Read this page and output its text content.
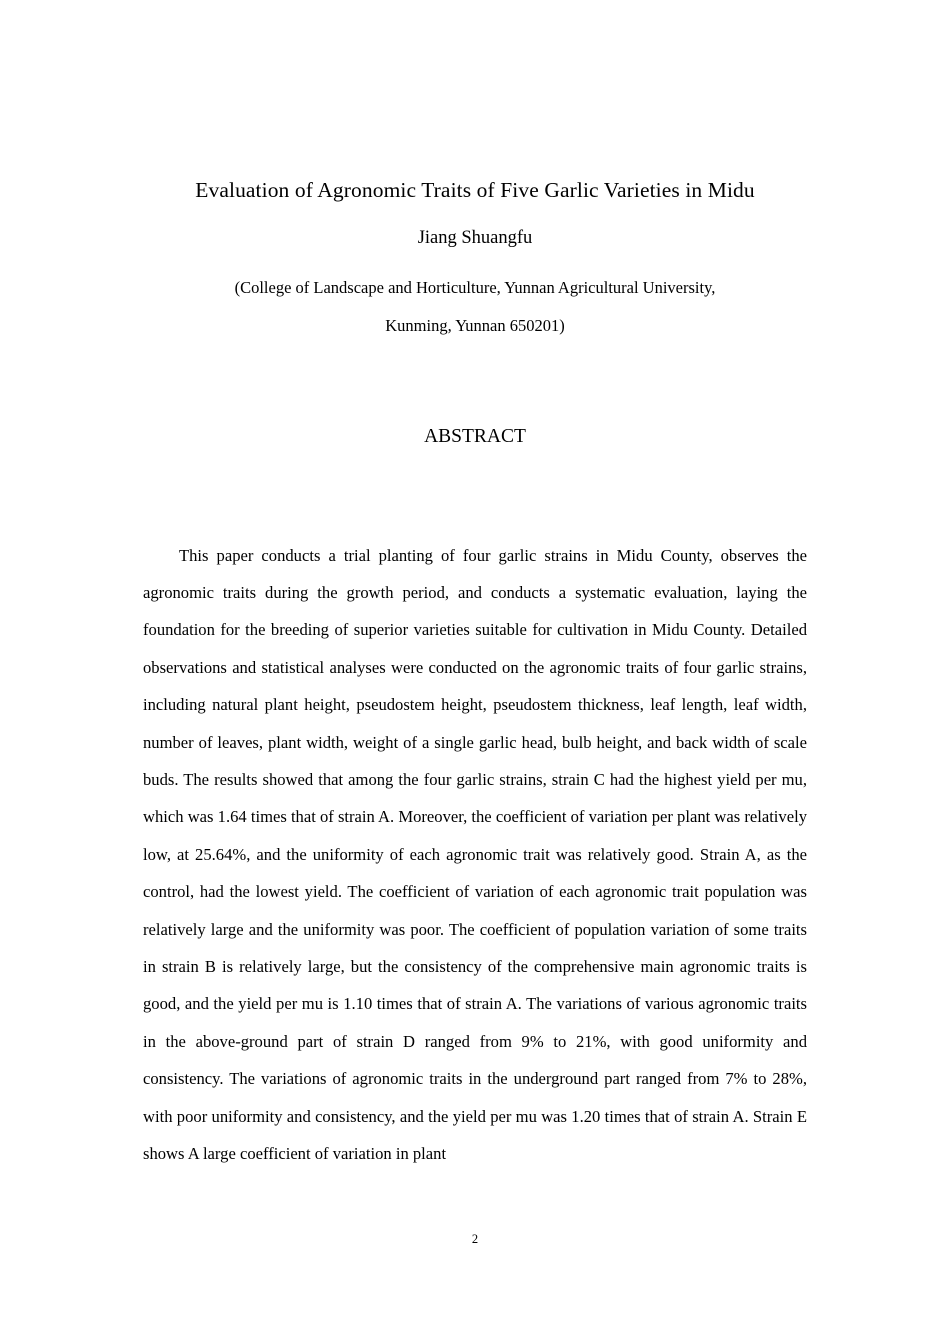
Evaluation of Agronomic Traits of Five Garlic Varieties in Midu
Jiang Shuangfu
(College of Landscape and Horticulture, Yunnan Agricultural University,
Kunming, Yunnan 650201)
ABSTRACT

This paper conducts a trial planting of four garlic strains in Midu County, observes the agronomic traits during the growth period, and conducts a systematic evaluation, laying the foundation for the breeding of superior varieties suitable for cultivation in Midu County. Detailed observations and statistical analyses were conducted on the agronomic traits of four garlic strains, including natural plant height, pseudostem height, pseudostem thickness, leaf length, leaf width, number of leaves, plant width, weight of a single garlic head, bulb height, and back width of scale buds. The results showed that among the four garlic strains, strain C had the highest yield per mu, which was 1.64 times that of strain A. Moreover, the coefficient of variation per plant was relatively low, at 25.64%, and the uniformity of each agronomic trait was relatively good. Strain A, as the control, had the lowest yield. The coefficient of variation of each agronomic trait population was relatively large and the uniformity was poor. The coefficient of population variation of some traits in strain B is relatively large, but the consistency of the comprehensive main agronomic traits is good, and the yield per mu is 1.10 times that of strain A. The variations of various agronomic traits in the above-ground part of strain D ranged from 9% to 21%, with good uniformity and consistency. The variations of agronomic traits in the underground part ranged from 7% to 28%, with poor uniformity and consistency, and the yield per mu was 1.20 times that of strain A. Strain E shows A large coefficient of variation in plant

2
